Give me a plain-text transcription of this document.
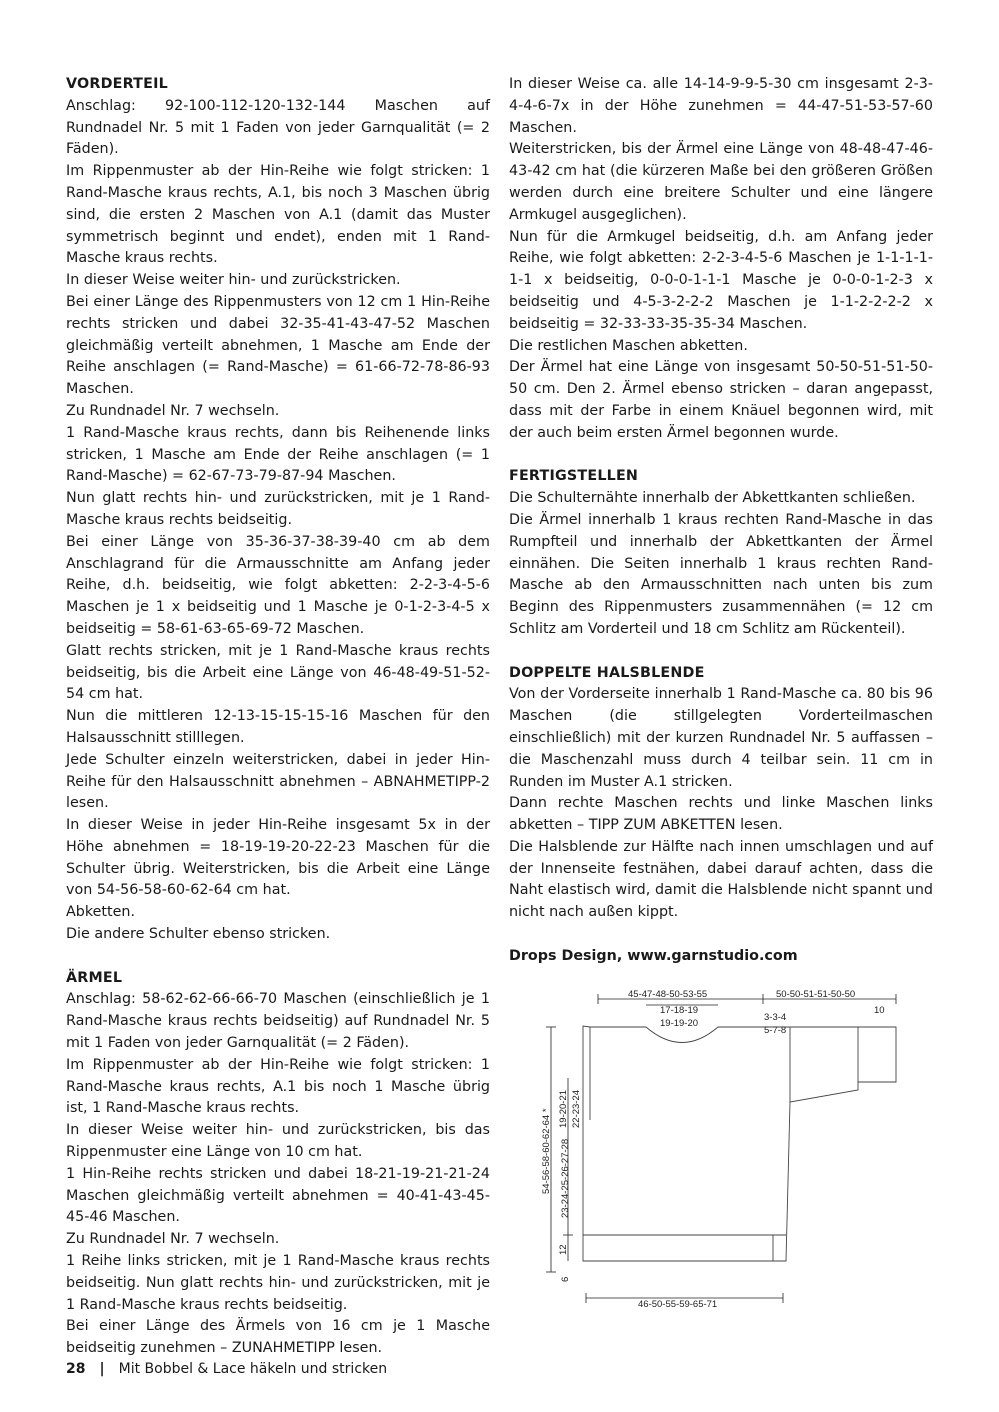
VORDERTEIL

Anschlag: 92-100-112-120-132-144 Maschen auf Rundnadel Nr. 5 mit 1 Faden von jeder Garnqualität (= 2 Fäden).

Im Rippenmuster ab der Hin-Reihe wie folgt stricken: 1 Rand-Masche kraus rechts, A.1, bis noch 3 Maschen übrig sind, die ersten 2 Maschen von A.1 (damit das Muster symmetrisch beginnt und endet), enden mit 1 Rand-Masche kraus rechts.

In dieser Weise weiter hin- und zurückstricken.

Bei einer Länge des Rippenmusters von 12 cm 1 Hin-Reihe rechts stricken und dabei 32-35-41-43-47-52 Maschen gleichmäßig verteilt abnehmen, 1 Masche am Ende der Reihe anschlagen (= Rand-Masche) = 61-66-72-78-86-93 Maschen.

Zu Rundnadel Nr. 7 wechseln.

1 Rand-Masche kraus rechts, dann bis Reihenende links stricken, 1 Masche am Ende der Reihe anschlagen (= 1 Rand-Masche) = 62-67-73-79-87-94 Maschen.

Nun glatt rechts hin- und zurückstricken, mit je 1 Rand-Masche kraus rechts beidseitig.

Bei einer Länge von 35-36-37-38-39-40 cm ab dem Anschlagrand für die Armausschnitte am Anfang jeder Reihe, d.h. beidseitig, wie folgt abketten: 2-2-3-4-5-6 Maschen je 1 x beidseitig und 1 Masche je 0-1-2-3-4-5 x beidseitig = 58-61-63-65-69-72 Maschen.

Glatt rechts stricken, mit je 1 Rand-Masche kraus rechts beidseitig, bis die Arbeit eine Länge von 46-48-49-51-52-54 cm hat.

Nun die mittleren 12-13-15-15-15-16 Maschen für den Halsausschnitt stilllegen.

Jede Schulter einzeln weiterstricken, dabei in jeder Hin-Reihe für den Halsausschnitt abnehmen – ABNAHMETIPP-2 lesen.

In dieser Weise in jeder Hin-Reihe insgesamt 5x in der Höhe abnehmen = 18-19-19-20-22-23 Maschen für die Schulter übrig. Weiterstricken, bis die Arbeit eine Länge von 54-56-58-60-62-64 cm hat.

Abketten.

Die andere Schulter ebenso stricken.

ÄRMEL

Anschlag: 58-62-62-66-66-70 Maschen (einschließlich je 1 Rand-Masche kraus rechts beidseitig) auf Rundnadel Nr. 5 mit 1 Faden von jeder Garnqualität (= 2 Fäden).

Im Rippenmuster ab der Hin-Reihe wie folgt stricken: 1 Rand-Masche kraus rechts, A.1 bis noch 1 Masche übrig ist, 1 Rand-Masche kraus rechts.

In dieser Weise weiter hin- und zurückstricken, bis das Rippenmuster eine Länge von 10 cm hat.

1 Hin-Reihe rechts stricken und dabei 18-21-19-21-21-24 Maschen gleichmäßig verteilt abnehmen = 40-41-43-45-45-46 Maschen.

Zu Rundnadel Nr. 7 wechseln.

1 Reihe links stricken, mit je 1 Rand-Masche kraus rechts beidseitig. Nun glatt rechts hin- und zurückstricken, mit je 1 Rand-Masche kraus rechts beidseitig.

Bei einer Länge des Ärmels von 16 cm je 1 Masche beidseitig zunehmen – ZUNAHMETIPP lesen.

In dieser Weise ca. alle 14-14-9-9-5-30 cm insgesamt 2-3-4-4-6-7x in der Höhe zunehmen = 44-47-51-53-57-60 Maschen.

Weiterstricken, bis der Ärmel eine Länge von 48-48-47-46-43-42 cm hat (die kürzeren Maße bei den größeren Größen werden durch eine breitere Schulter und eine längere Armkugel ausgeglichen).

Nun für die Armkugel beidseitig, d.h. am Anfang jeder Reihe, wie folgt abketten: 2-2-3-4-5-6 Maschen je 1-1-1-1-1-1 x beidseitig, 0-0-0-1-1-1 Masche je 0-0-0-1-2-3 x beidseitig und 4-5-3-2-2-2 Maschen je 1-1-2-2-2-2 x beidseitig = 32-33-33-35-35-34 Maschen.

Die restlichen Maschen abketten.

Der Ärmel hat eine Länge von insgesamt 50-50-51-51-50-50 cm. Den 2. Ärmel ebenso stricken – daran angepasst, dass mit der Farbe in einem Knäuel begonnen wird, mit der auch beim ersten Ärmel begonnen wurde.

FERTIGSTELLEN

Die Schulternähte innerhalb der Abkettkanten schließen.

Die Ärmel innerhalb 1 kraus rechten Rand-Masche in das Rumpfteil und innerhalb der Abkettkanten der Ärmel einnähen. Die Seiten innerhalb 1 kraus rechten Rand-Masche ab den Armausschnitten nach unten bis zum Beginn des Rippenmusters zusammennähen (= 12 cm Schlitz am Vorderteil und 18 cm Schlitz am Rückenteil).

DOPPELTE HALSBLENDE

Von der Vorderseite innerhalb 1 Rand-Masche ca. 80 bis 96 Maschen (die stillgelegten Vorderteilmaschen einschließlich) mit der kurzen Rundnadel Nr. 5 auffassen – die Maschenzahl muss durch 4 teilbar sein. 11 cm in Runden im Muster A.1 stricken.

Dann rechte Maschen rechts und linke Maschen links abketten – TIPP ZUM ABKETTEN lesen.

Die Halsblende zur Hälfte nach innen umschlagen und auf der Innenseite festnähen, dabei darauf achten, dass die Naht elastisch wird, damit die Halsblende nicht spannt und nicht nach außen kippt.

Drops Design, www.garnstudio.com

45-47-48-50-53-55	50-50-51-51-50-50
10
17-18-19
19-19-20
3-3-4
5-7-8
19-20-21 22-23-24
54-56-58-60-62-64 * 23-24-25-26-27-28
12
6
46-50-55-59-65-71
28 | Mit Bobbel & Lace häkeln und stricken
